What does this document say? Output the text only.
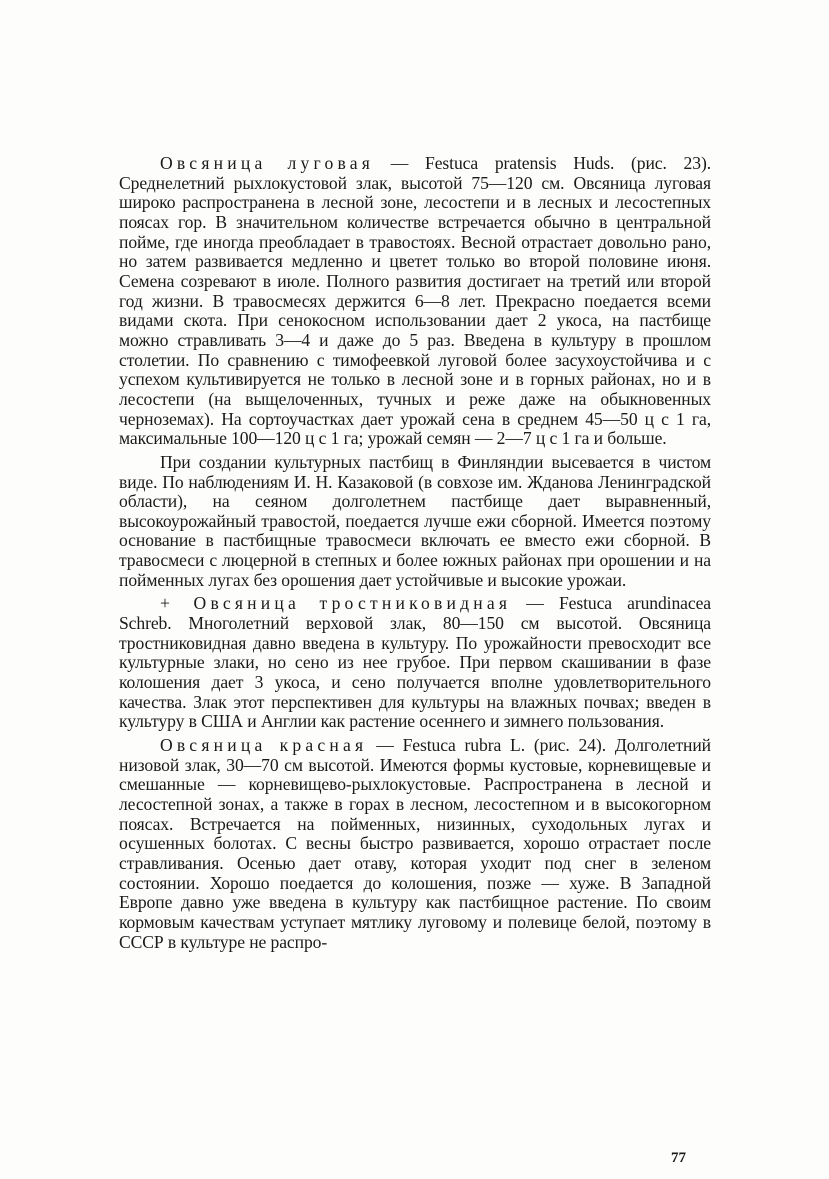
Овсяница луговая — Festuca pratensis Huds. (рис. 23). Среднелетний рыхлокустовой злак, высотой 75—120 см. Овсяница луговая широко распространена в лесной зоне, лесостепи и в лесных и лесостепных поясах гор. В значительном количестве встречается обычно в центральной пойме, где иногда преобладает в травостоях. Весной отрастает довольно рано, но затем развивается медленно и цветет только во второй половине июня. Семена созревают в июле. Полного развития достигает на третий или второй год жизни. В травосмесях держится 6—8 лет. Прекрасно поедается всеми видами скота. При сенокосном использовании дает 2 укоса, на пастбище можно стравливать 3—4 и даже до 5 раз. Введена в культуру в прошлом столетии. По сравнению с тимофеевкой луговой более засухоустойчива и с успехом культивируется не только в лесной зоне и в горных районах, но и в лесостепи (на выщелоченных, тучных и реже даже на обыкновенных черноземах). На сортоучастках дает урожай сена в среднем 45—50 ц с 1 га, максимальные 100—120 ц с 1 га; урожай семян — 2—7 ц с 1 га и больше.

При создании культурных пастбищ в Финляндии высевается в чистом виде. По наблюдениям И. Н. Казаковой (в совхозе им. Жданова Ленинградской области), на сеяном долголетнем пастбище дает выравненный, высокоурожайный травостой, поедается лучше ежи сборной. Имеется поэтому основание в пастбищные травосмеси включать ее вместо ежи сборной. В травосмеси с люцерной в степных и более южных районах при орошении и на пойменных лугах без орошения дает устойчивые и высокие урожаи.

+ Овсяница тростниковидная — Festuca arundinacea Schreb. Многолетний верховой злак, 80—150 см высотой. Овсяница тростниковидная давно введена в культуру. По урожайности превосходит все культурные злаки, но сено из нее грубое. При первом скашивании в фазе колошения дает 3 укоса, и сено получается вполне удовлетворительного качества. Злак этот перспективен для культуры на влажных почвах; введен в культуру в США и Англии как растение осеннего и зимнего пользования.

Овсяница красная — Festuca rubra L. (рис. 24). Долголетний низовой злак, 30—70 см высотой. Имеются формы кустовые, корневищевые и смешанные — корневищево-рыхлокустовые. Распространена в лесной и лесостепной зонах, а также в горах в лесном, лесостепном и в высокогорном поясах. Встречается на пойменных, низинных, суходольных лугах и осушенных болотах. С весны быстро развивается, хорошо отрастает после стравливания. Осенью дает отаву, которая уходит под снег в зеленом состоянии. Хорошо поедается до колошения, позже — хуже. В Западной Европе давно уже введена в культуру как пастбищное растение. По своим кормовым качествам уступает мятлику луговому и полевице белой, поэтому в СССР в культуре не распро-

77
